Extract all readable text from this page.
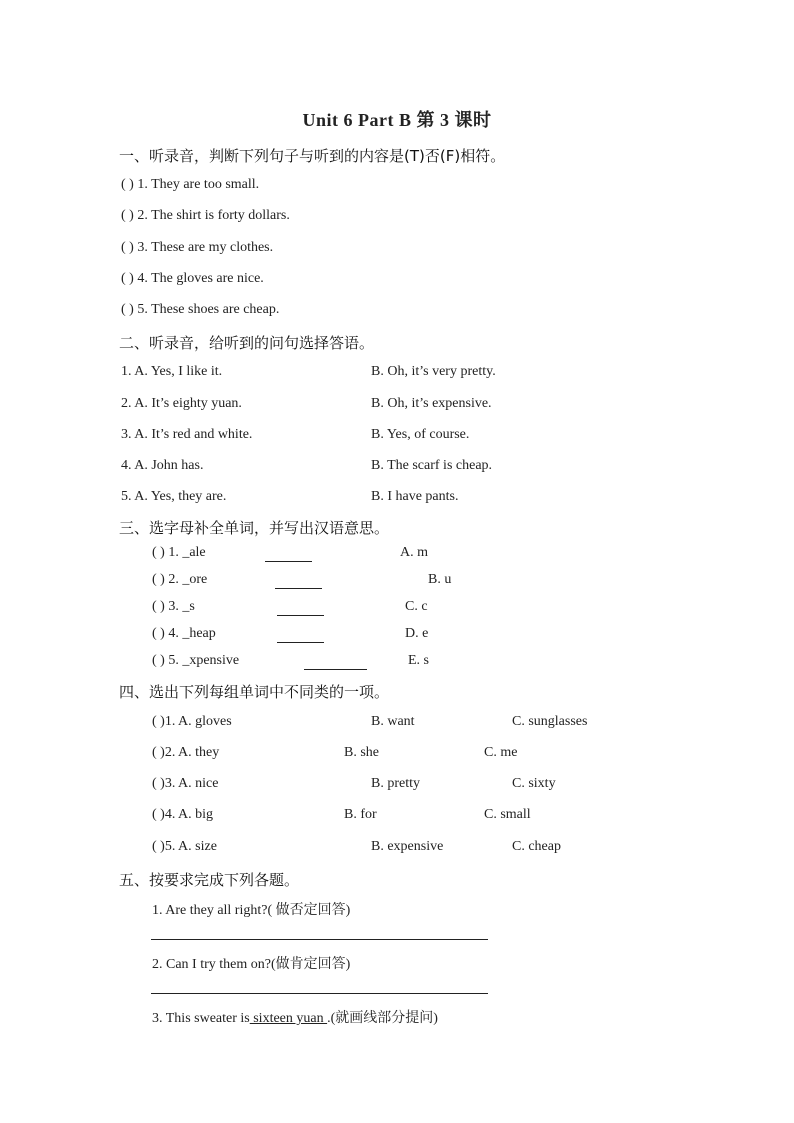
Unit 6 Part B 第 3 课时
一、听录音，判断下列句子与听到的内容是(T)否(F)相符。
( ) 1. They are too small.
( ) 2. The shirt is forty dollars.
( ) 3. These are my clothes.
( ) 4. The gloves are nice.
( ) 5. These shoes are cheap.
二、听录音，给听到的问句选择答语。
1. A. Yes, I like it.	B. Oh, it’s very pretty.
2. A. It’s eighty yuan.	B. Oh, it’s expensive.
3. A. It’s red and white.	B. Yes, of course.
4. A. John has.	B. The scarf is cheap.
5. A. Yes, they are.	B. I have pants.
三、选字母补全单词，并写出汉语意思。
( ) 1. _ale	A. m
( ) 2. _ore	B. u
( ) 3. _s	C. c
( ) 4. _heap	D. e
( ) 5. _xpensive	E. s
四、选出下列每组单词中不同类的一项。
( )1. A. gloves	B. want	C. sunglasses
( )2. A. they	B. she	C. me
( )3. A. nice	B. pretty	C. sixty
( )4. A. big	B. for	C. small
( )5. A. size	B. expensive	C. cheap
五、按要求完成下列各题。
1. Are they all right?( 做否定回答)
2. Can I try them on?(做肯定回答)
3. This sweater is sixteen yuan .(就画线部分提问)
